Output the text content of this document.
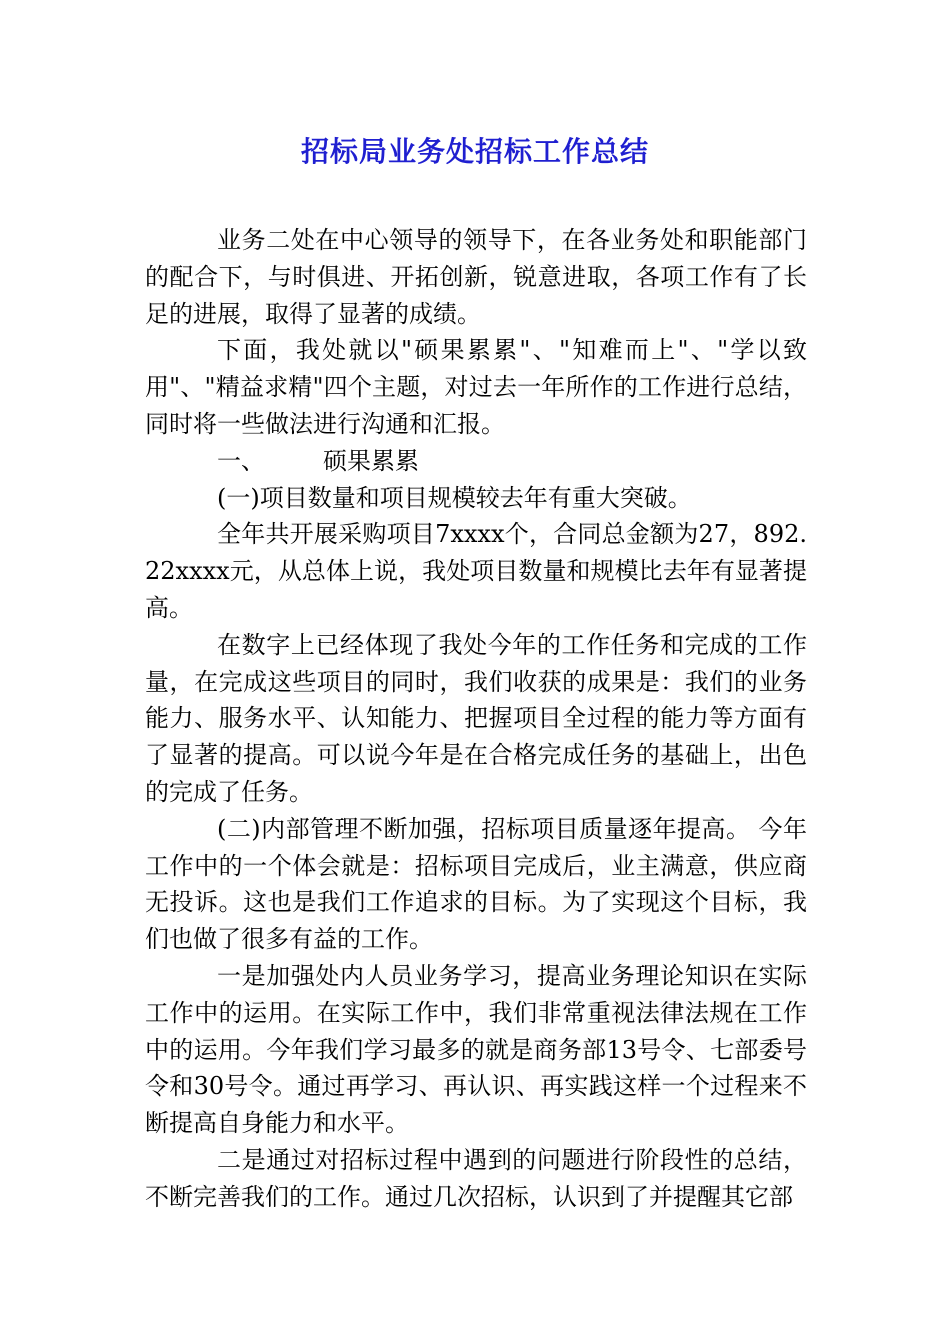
招标局业务处招标工作总结

业务二处在中心领导的领导下，在各业务处和职能部门的配合下，与时俱进、开拓创新，锐意进取，各项工作有了长足的进展，取得了显著的成绩。

下面，我处就以"硕果累累"、"知难而上"、"学以致用"、"精益求精"四个主题，对过去一年所作的工作进行总结，同时将一些做法进行沟通和汇报。

一、 硕果累累

(一)项目数量和项目规模较去年有重大突破。

全年共开展采购项目7xxxx个，合同总金额为27，892.22xxxx元，从总体上说，我处项目数量和规模比去年有显著提高。

在数字上已经体现了我处今年的工作任务和完成的工作量，在完成这些项目的同时，我们收获的成果是：我们的业务能力、服务水平、认知能力、把握项目全过程的能力等方面有了显著的提高。可以说今年是在合格完成任务的基础上，出色的完成了任务。

(二)内部管理不断加强，招标项目质量逐年提高。 今年工作中的一个体会就是：招标项目完成后，业主满意，供应商无投诉。这也是我们工作追求的目标。为了实现这个目标，我们也做了很多有益的工作。

一是加强处内人员业务学习，提高业务理论知识在实际工作中的运用。在实际工作中，我们非常重视法律法规在工作中的运用。今年我们学习最多的就是商务部13号令、七部委号令和30号令。通过再学习、再认识、再实践这样一个过程来不断提高自身能力和水平。

二是通过对招标过程中遇到的问题进行阶段性的总结，不断完善我们的工作。通过几次招标，认识到了并提醒其它部
